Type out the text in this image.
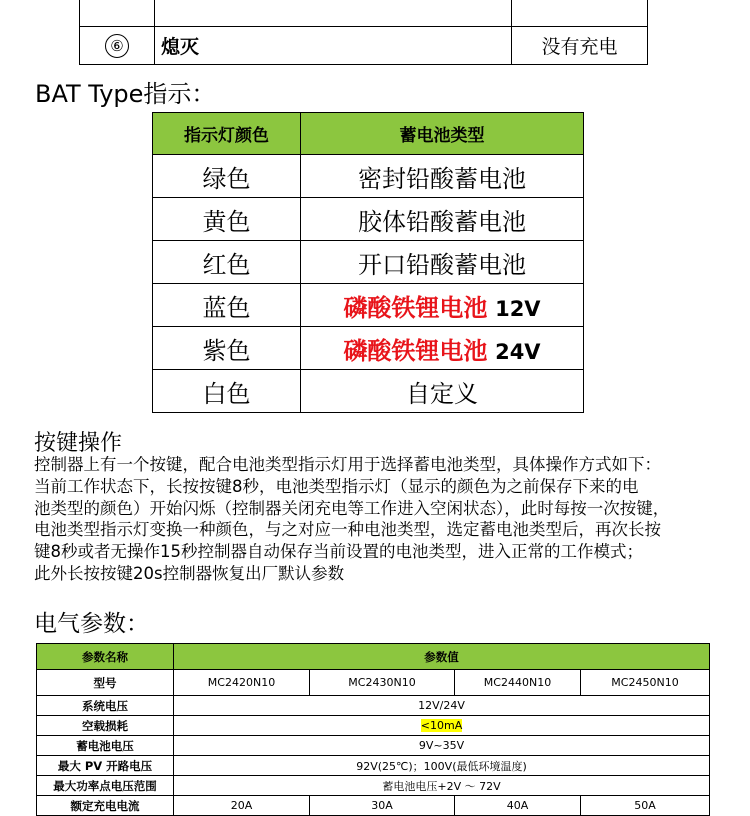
⑥	熄灭	没有充电
BAT Type指示：
指示灯颜色	蓄电池类型
绿色	密封铅酸蓄电池
黄色	胶体铅酸蓄电池
红色	开口铅酸蓄电池
蓝色	磷酸铁锂电池 12V
紫色	磷酸铁锂电池 24V
白色	自定义
按键操作

控制器上有一个按键，配合电池类型指示灯用于选择蓄电池类型，具体操作方式如下：
当前工作状态下，长按按键8秒，电池类型指示灯（显示的颜色为之前保存下来的电
池类型的颜色）开始闪烁（控制器关闭充电等工作进入空闲状态），此时每按一次按键，
电池类型指示灯变换一种颜色，与之对应一种电池类型，选定蓄电池类型后，再次长按
键8秒或者无操作15秒控制器自动保存当前设置的电池类型，进入正常的工作模式；
此外长按按键20s控制器恢复出厂默认参数

电气参数：
参数名称	参数值			
型号	MC2420N10	MC2430N10	MC2440N10	MC2450N10
系统电压	12V/24V			
空载损耗	<10mA			
蓄电池电压	9V~35V			
最大 PV 开路电压	92V(25℃)；100V(最低环境温度)			
最大功率点电压范围	蓄电池电压+2V ～ 72V			
额定充电电流	20A	30A	40A	50A
